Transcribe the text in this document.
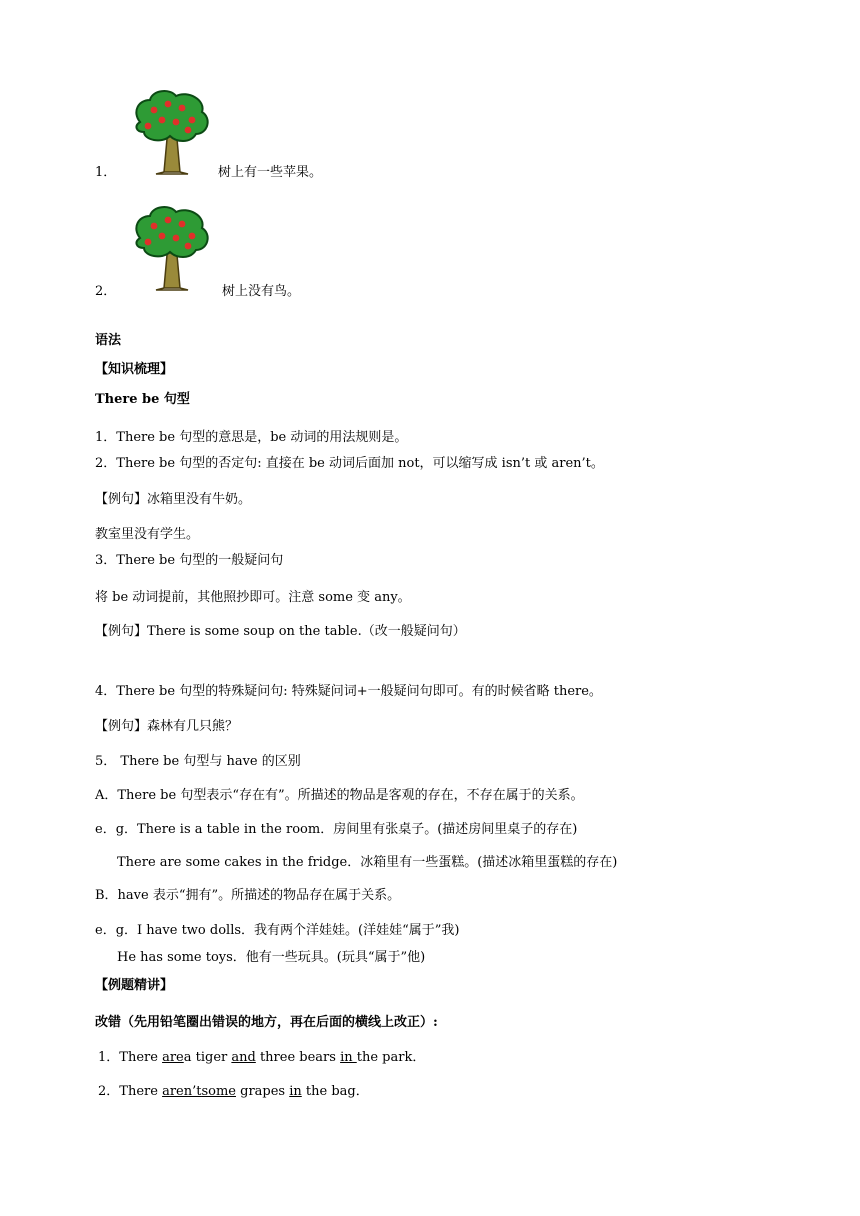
1．	树上有一些苹果。
2．	树上没有鸟。
语法
【知识梳理】
There be 句型
1．There be 句型的意思是，be 动词的用法规则是。
2．There be 句型的否定句: 直接在 be 动词后面加 not，可以缩写成 isn’t 或 aren’t。
【例句】冰箱里没有牛奶。
教室里没有学生。
3．There be 句型的一般疑问句
将 be 动词提前，其他照抄即可。注意 some 变 any。
【例句】There is some soup on the table.（改一般疑问句）
4．There be 句型的特殊疑问句: 特殊疑问词+一般疑问句即可。有的时候省略 there。
【例句】森林有几只熊？
5． There be 句型与 have 的区别
A．There be 句型表示“存在有”。所描述的物品是客观的存在，不存在属于的关系。
e．g．There is a table in the room．房间里有张桌子。(描述房间里桌子的存在)
There are some cakes in the fridge．冰箱里有一些蛋糕。(描述冰箱里蛋糕的存在)
B．have 表示“拥有”。所描述的物品存在属于关系。
e．g．I have two dolls．我有两个洋娃娃。(洋娃娃“属于”我)
He has some toys．他有一些玩具。(玩具“属于”他)
【例题精讲】
改错（先用铅笔圈出错误的地方，再在后面的横线上改正）:
1．There area tiger and three bears in the park．
2．There aren’tsome grapes in the bag．
